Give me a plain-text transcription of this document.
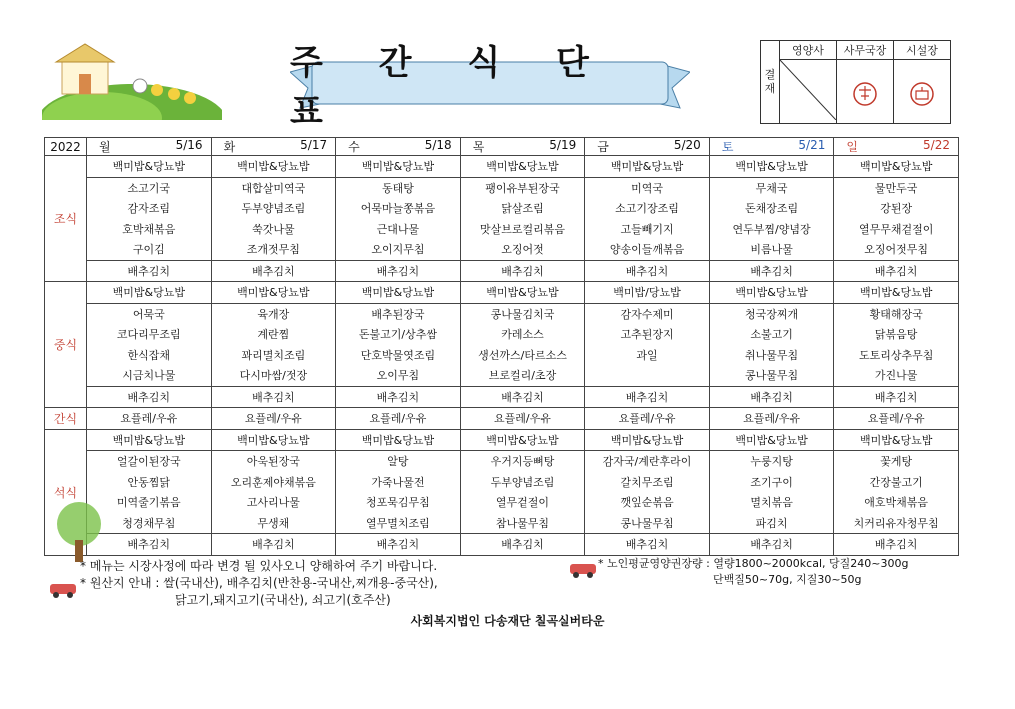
주 간 식 단 표
결 재	영양사	사무국장	시설장

2022	월 5/16	화 5/17	수 5/18	목 5/19	금 5/20	토 5/21	일 5/22

조식	백미밥&당뇨밥	백미밥&당뇨밥	백미밥&당뇨밥	백미밥&당뇨밥	백미밥&당뇨밥	백미밥&당뇨밥	백미밥&당뇨밥
	소고기국	대합살미역국	동태탕	팽이유부된장국	미역국	무채국	물만두국
	감자조림	두부양념조림	어묵마늘쫑볶음	닭살조림	소고기장조림	돈채장조림	강된장
	호박채볶음	쑥갓나물	근대나물	맛살브로컬리볶음	고들빼기지	연두부찜/양념장	열무무채겉절이
	구이김	조개젓무침	오이지무침	오징어젓	양송이들깨볶음	비름나물	오징어젓무침
	배추김치	배추김치	배추김치	배추김치	배추김치	배추김치	배추김치
중식	백미밥&당뇨밥	백미밥&당뇨밥	백미밥&당뇨밥	백미밥&당뇨밥	백미밥/당뇨밥	백미밥&당뇨밥	백미밥&당뇨밥
	어묵국	육개장	배추된장국	콩나물김치국	감자수제미	청국장찌개	황태해장국
	코다리무조림	계란찜	돈불고기/상추쌈	카레소스	고추된장지	소불고기	닭볶음탕
	한식잡채	꽈리멸치조림	단호박물엿조림	생선까스/타르소스	과일	취나물무침	도토리상추무침
	시금치나물	다시마쌈/젓장	오이무침	브로컬리/초장		콩나물무침	가진나물
	배추김치	배추김치	배추김치	배추김치	배추김치	배추김치	배추김치
간식	요플레/우유	요플레/우유	요플레/우유	요플레/우유	요플레/우유	요플레/우유	요플레/우유
석식	백미밥&당뇨밥	백미밥&당뇨밥	백미밥&당뇨밥	백미밥&당뇨밥	백미밥&당뇨밥	백미밥&당뇨밥	백미밥&당뇨밥
	얼갈이된장국	아욱된장국	알탕	우거지등뼈탕	감자국/계란후라이	누룽지탕	꽃게탕
	안동찜닭	오리훈제야채볶음	가죽나물전	두부양념조림	갈치무조림	조기구이	간장불고기
	미역줄기볶음	고사리나물	청포묵김무침	열무겉절이	깻잎순볶음	멸치볶음	애호박채볶음
	청경채무침	무생채	열무멸치조림	참나물무침	콩나물무침	파김치	치커리유자청무침
	배추김치	배추김치	배추김치	배추김치	배추김치	배추김치	배추김치
* 메뉴는 시장사정에 따라 변경 될 있사오니 양해하여 주기 바랍니다.
* 원산지 안내 : 쌀(국내산), 배추김치(반찬용-국내산,찌개용-중국산),
닭고기,돼지고기(국내산), 쇠고기(호주산)
* 노인평균영양권장량 : 열량1800~2000kcal, 당질240~300g
단백질50~70g, 지질30~50g
사회복지법인 다송재단 칠곡실버타운
